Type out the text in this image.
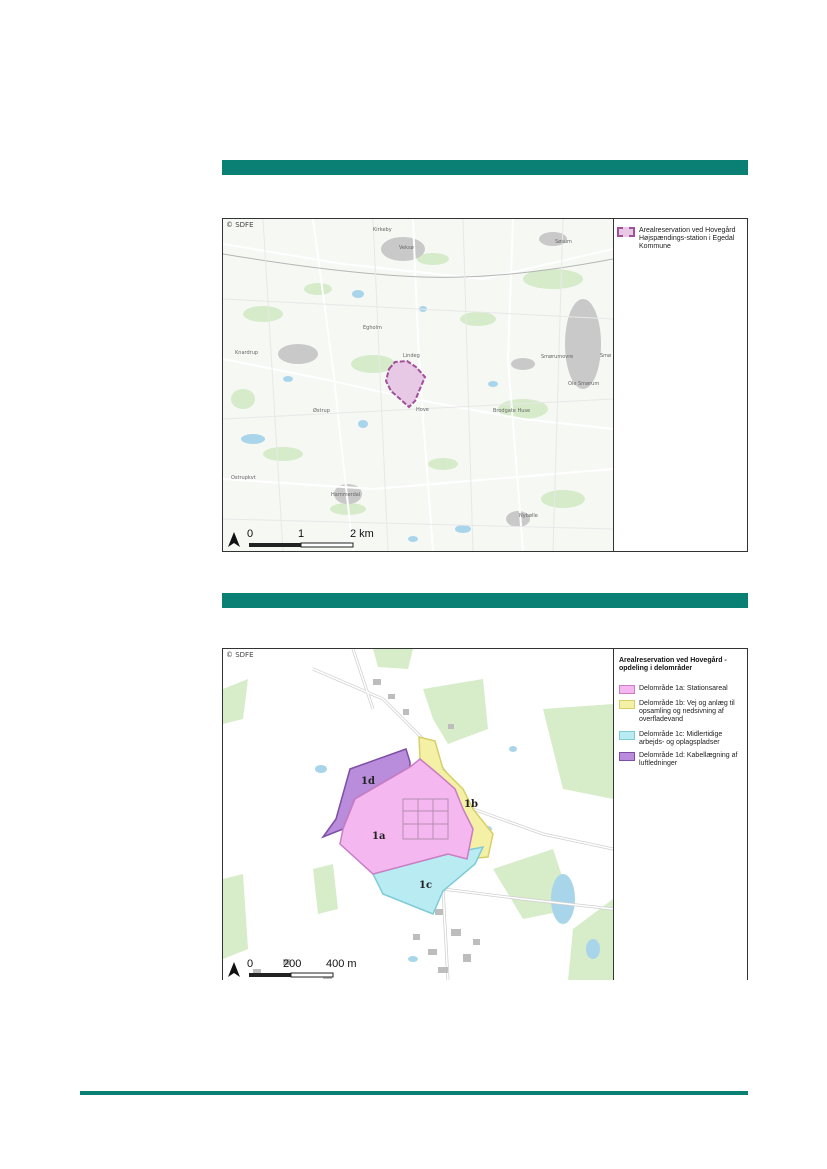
Veksø
Søsum
Kirkeby
Egholm
Knardrup	Lindeg
Østrup	Hove
Smørumovre	Smø
Ole Smørum
Brodgate Huse
Ostrupkvt
Hammerdal
Nybølle
© SDFE
0	1	2 km
Arealreservation ved Hovegård Højspændings-station i Egedal Kommune
1d
1b
1a
1c
© SDFE
0	200 400 m
Arealreservation ved Hovegård - opdeling i delområder
Delområde 1a: Stationsareal
Delområde 1b: Vej og anlæg til opsamling og nedsivning af overfladevand
Delområde 1c: Midlertidige arbejds- og oplagspladser
Delområde 1d: Kabellægning af luftledninger
